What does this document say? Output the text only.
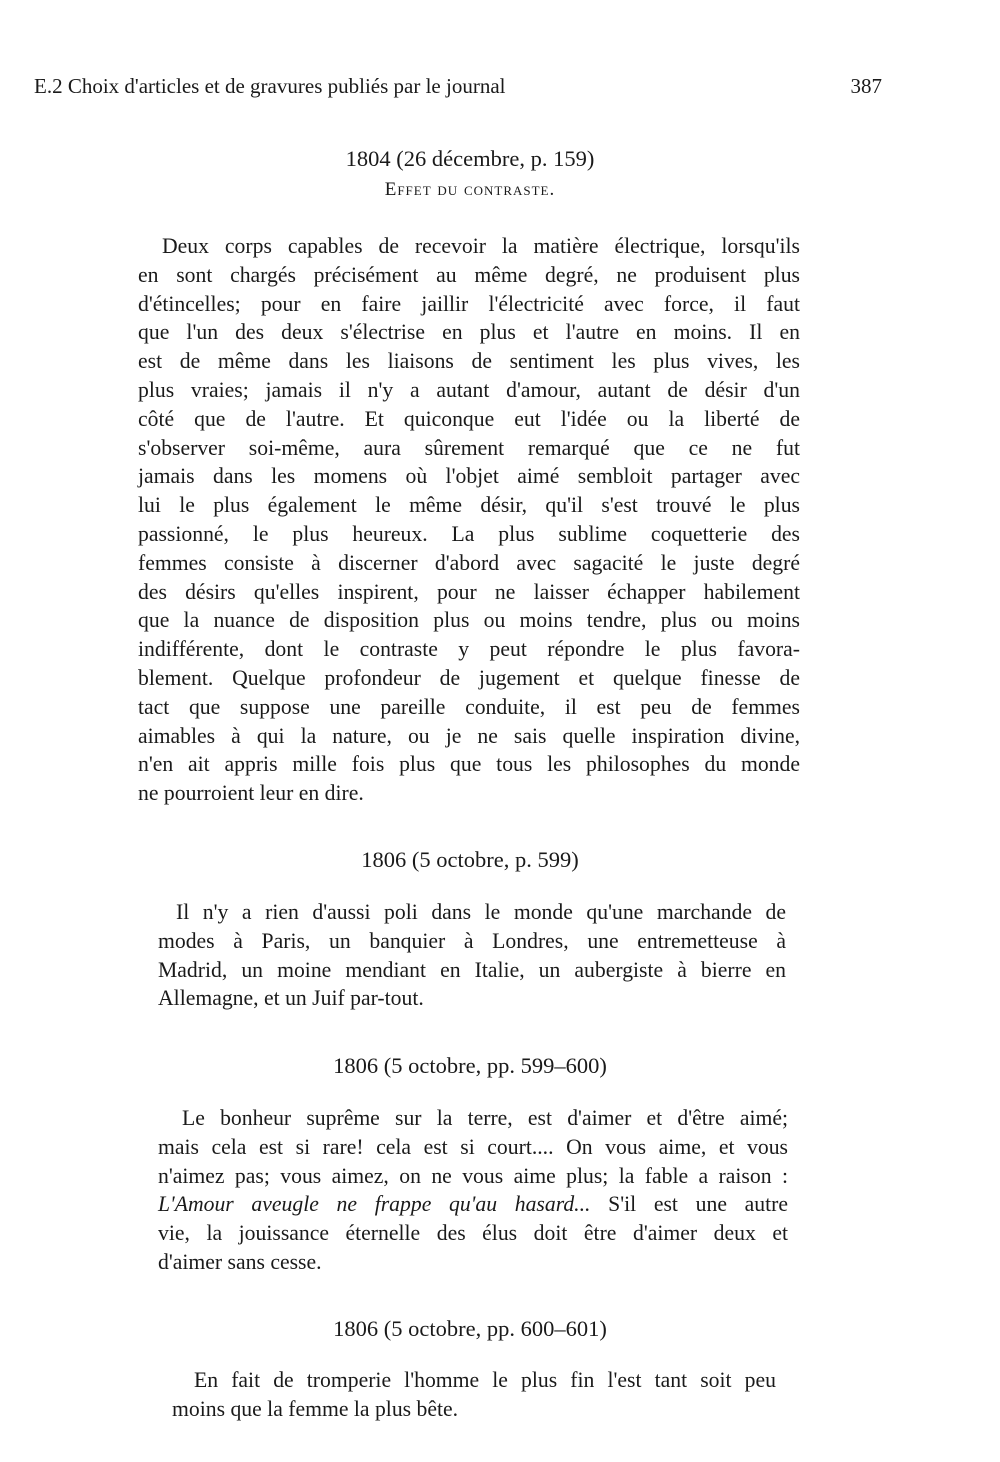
E.2 Choix d'articles et de gravures publiés par le journal	387
1804 (26 décembre, p. 159)
Effet du contraste.
Deux corps capables de recevoir la matière électrique, lorsqu'ils
en sont chargés précisément au même degré, ne produisent plus
d'étincelles; pour en faire jaillir l'électricité avec force, il faut
que l'un des deux s'électrise en plus et l'autre en moins. Il en
est de même dans les liaisons de sentiment les plus vives, les
plus vraies; jamais il n'y a autant d'amour, autant de désir d'un
côté que de l'autre. Et quiconque eut l'idée ou la liberté de
s'observer soi-même, aura sûrement remarqué que ce ne fut
jamais dans les momens où l'objet aimé sembloit partager avec
lui le plus également le même désir, qu'il s'est trouvé le plus
passionné, le plus heureux. La plus sublime coquetterie des
femmes consiste à discerner d'abord avec sagacité le juste degré
des désirs qu'elles inspirent, pour ne laisser échapper habilement
que la nuance de disposition plus ou moins tendre, plus ou moins
indifférente, dont le contraste y peut répondre le plus favora-
blement. Quelque profondeur de jugement et quelque finesse de
tact que suppose une pareille conduite, il est peu de femmes
aimables à qui la nature, ou je ne sais quelle inspiration divine,
n'en ait appris mille fois plus que tous les philosophes du monde
ne pourroient leur en dire.
1806 (5 octobre, p. 599)
Il n'y a rien d'aussi poli dans le monde qu'une marchande de
modes à Paris, un banquier à Londres, une entremetteuse à
Madrid, un moine mendiant en Italie, un aubergiste à bierre en
Allemagne, et un Juif par-tout.
1806 (5 octobre, pp. 599–600)
Le bonheur suprême sur la terre, est d'aimer et d'être aimé;
mais cela est si rare! cela est si court.... On vous aime, et vous
n'aimez pas; vous aimez, on ne vous aime plus; la fable a raison :
L'Amour aveugle ne frappe qu'au hasard... S'il est une autre
vie, la jouissance éternelle des élus doit être d'aimer deux et
d'aimer sans cesse.
1806 (5 octobre, pp. 600–601)
En fait de tromperie l'homme le plus fin l'est tant soit peu
moins que la femme la plus bête.
